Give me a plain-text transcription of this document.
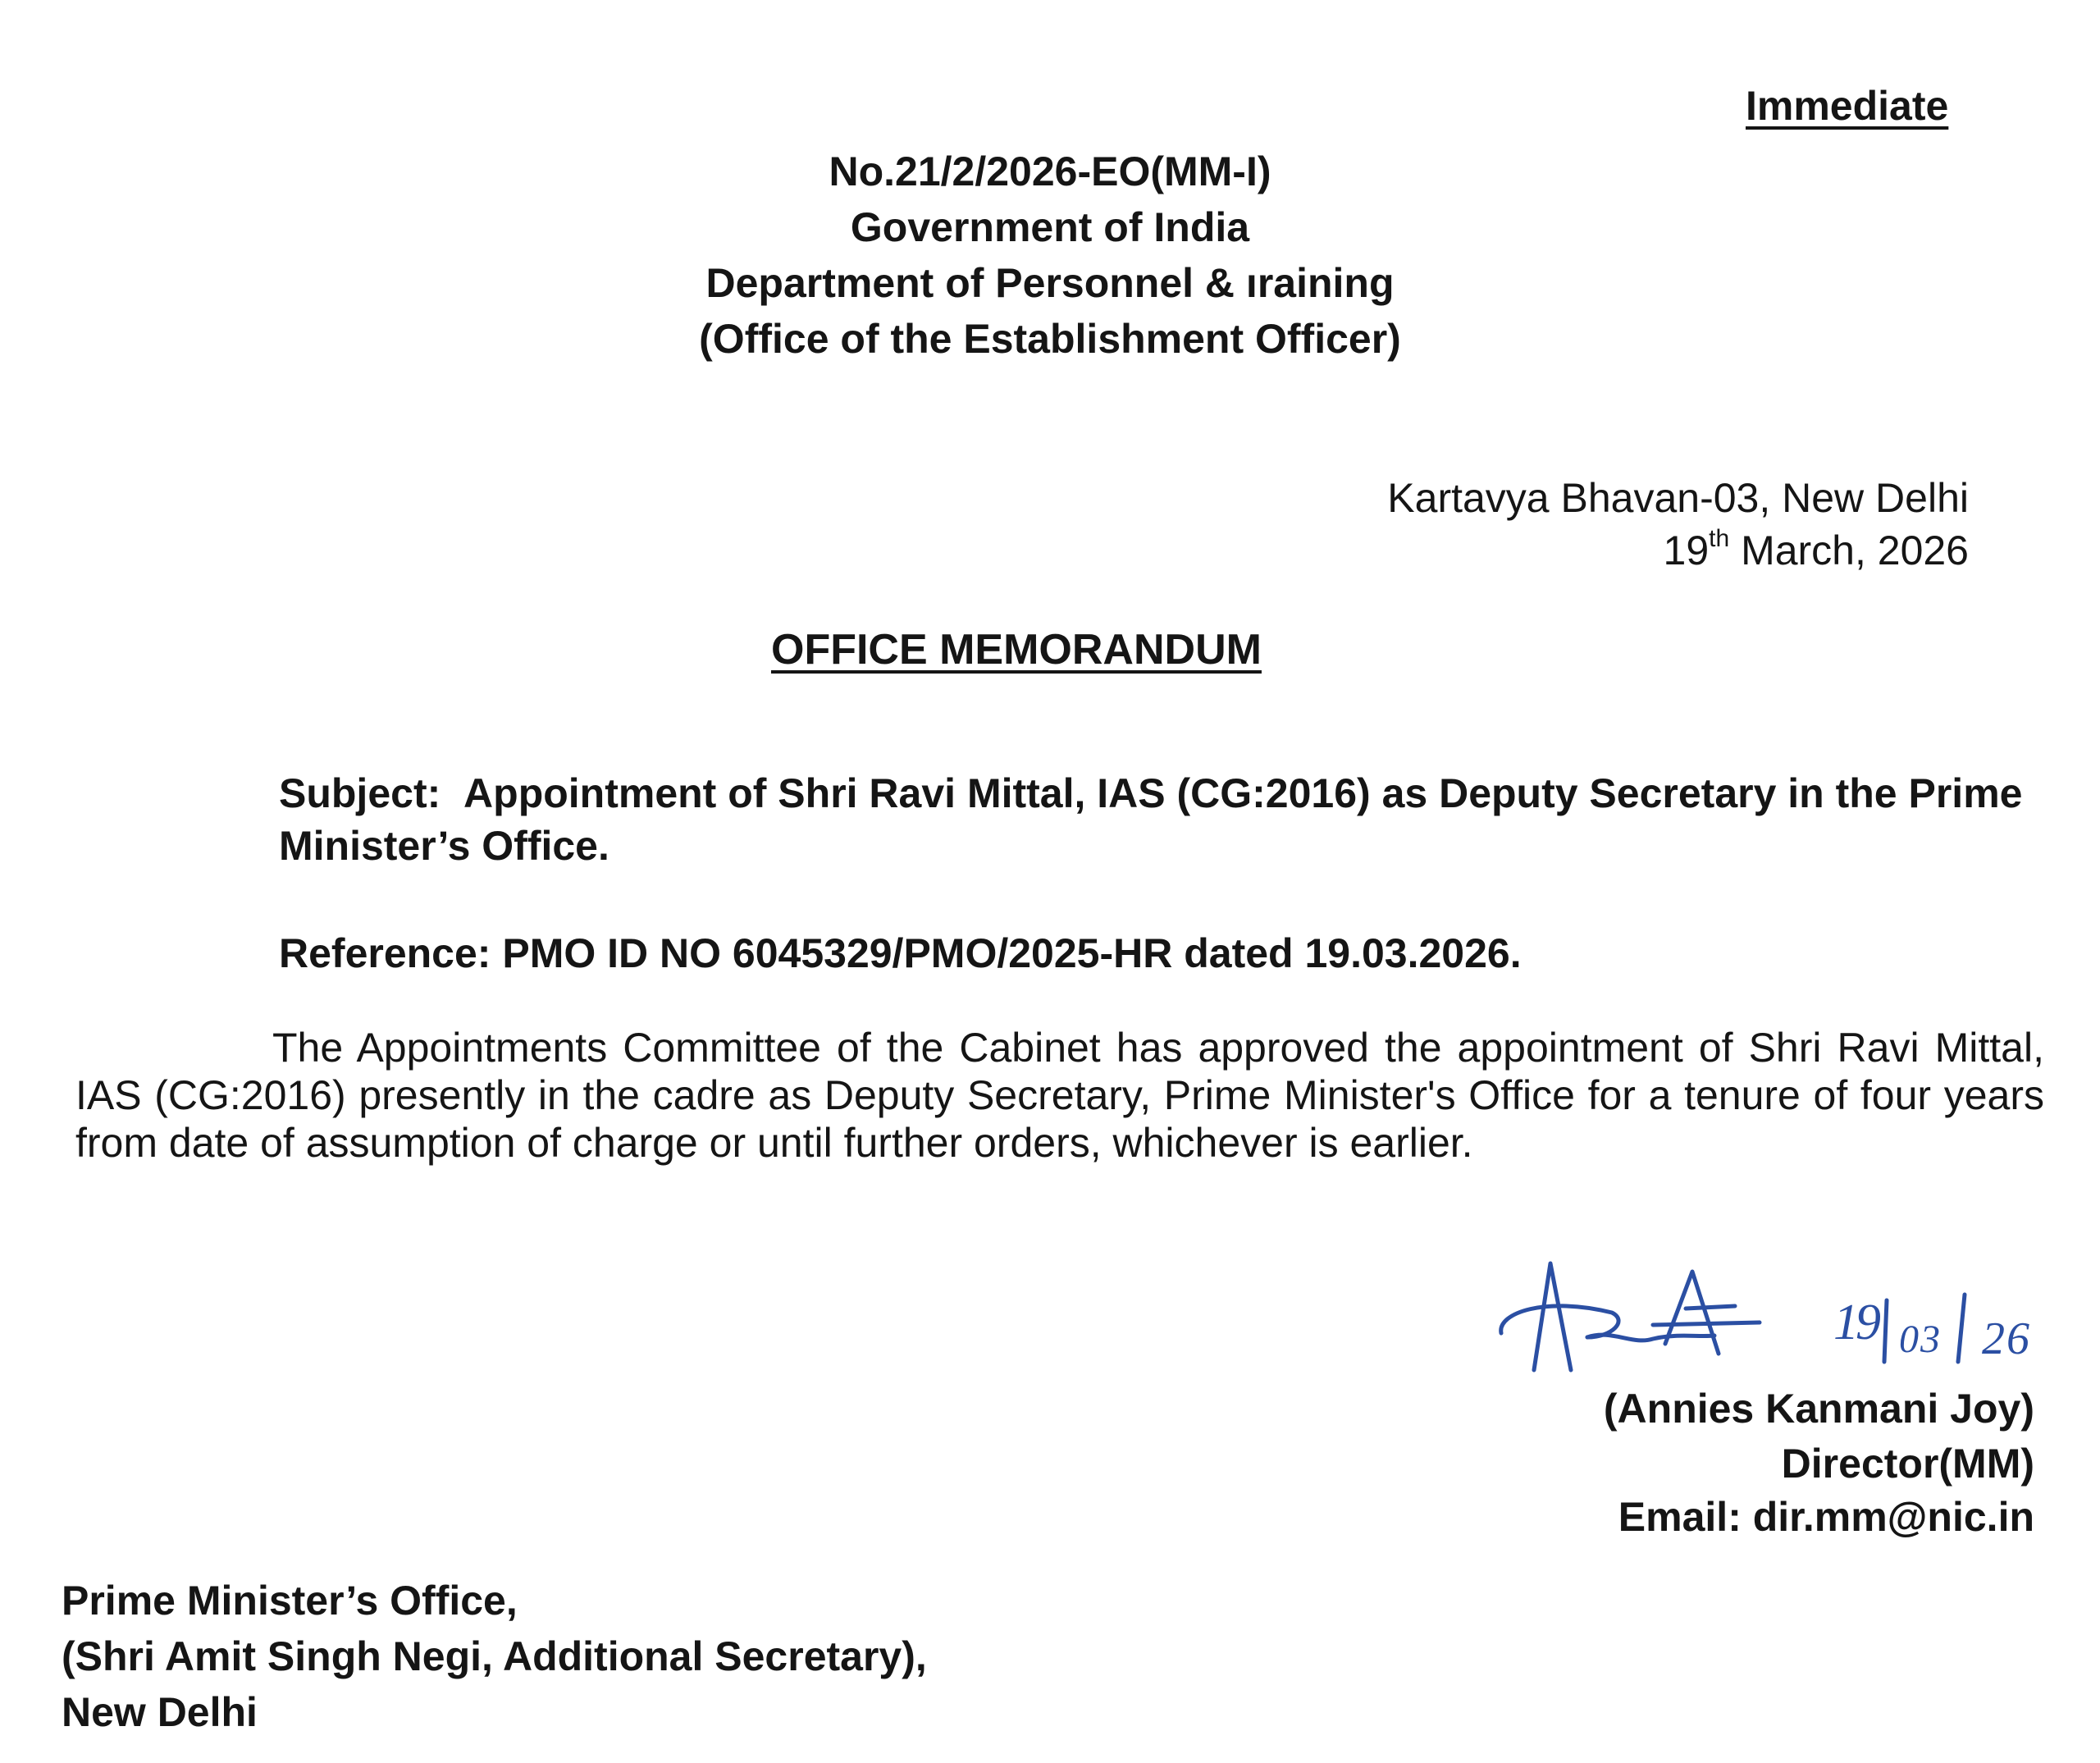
Immediate
No.21/2/2026-EO(MM-I)
Government of India
Department of Personnel & ıraining
(Office of the Establishment Officer)
Kartavya Bhavan-03, New Delhi
19th March, 2026
OFFICE MEMORANDUM
Subject: Appointment of Shri Ravi Mittal, IAS (CG:2016) as Deputy Secretary in the Prime Minister’s Office.
Reference: PMO ID NO 6045329/PMO/2025-HR dated 19.03.2026.
The Appointments Committee of the Cabinet has approved the appointment of Shri Ravi Mittal, IAS (CG:2016) presently in the cadre as Deputy Secretary, Prime Minister's Office for a tenure of four years from date of assumption of charge or until further orders, whichever is earlier.
1
9 0 3 2 6
(Annies Kanmani Joy)
Director(MM)
Email: dir.mm@nic.in
Prime Minister’s Office,
(Shri Amit Singh Negi, Additional Secretary),
New Delhi
